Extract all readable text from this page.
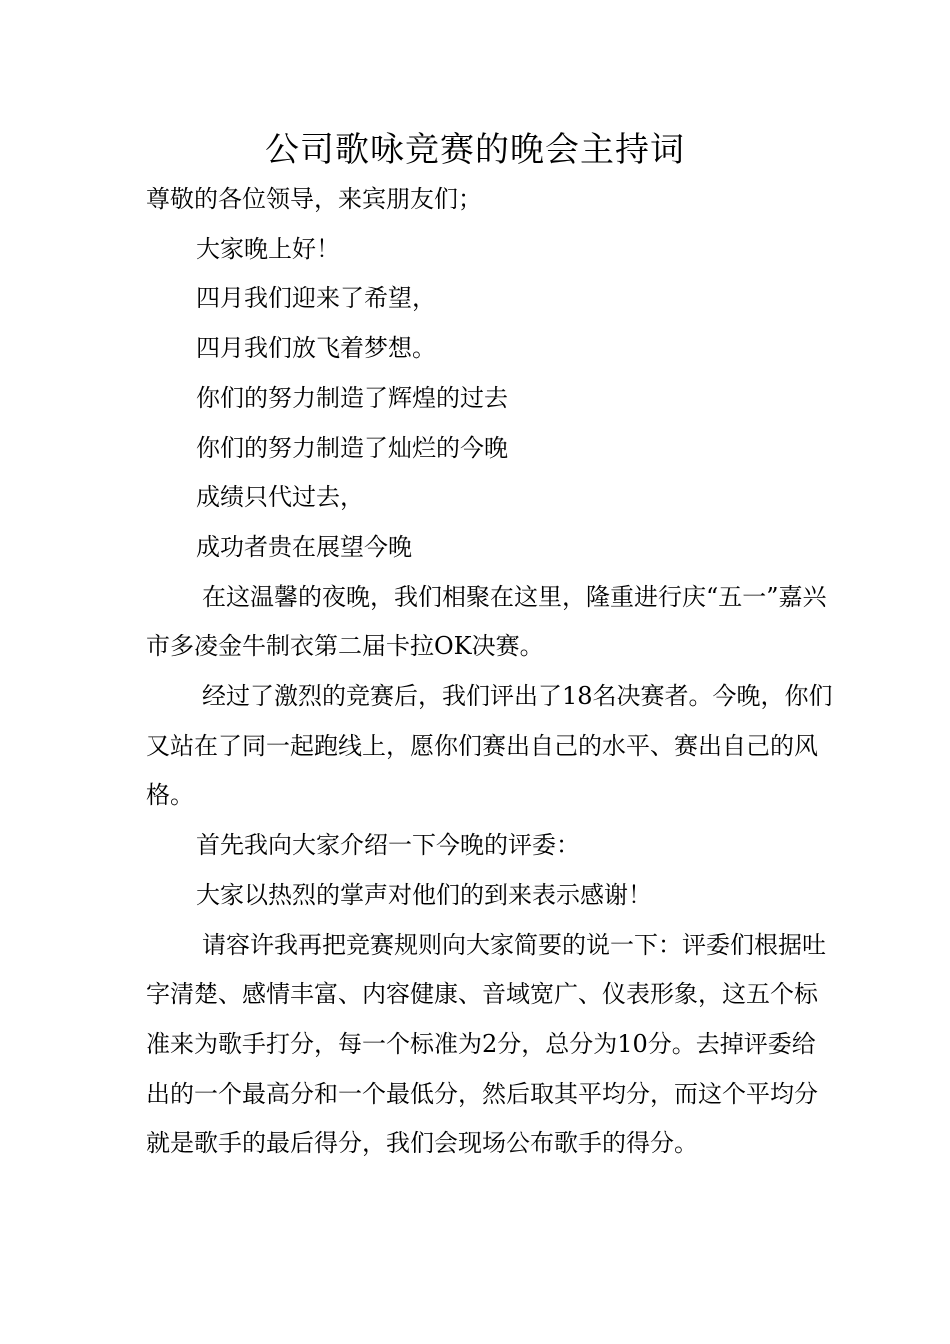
公司歌咏竞赛的晚会主持词

尊敬的各位领导，来宾朋友们；

大家晚上好！

四月我们迎来了希望，

四月我们放飞着梦想。

你们的努力制造了辉煌的过去

你们的努力制造了灿烂的今晚

成绩只代过去，

成功者贵在展望今晚

在这温馨的夜晚，我们相聚在这里，隆重进行庆“五一”嘉兴市多凌金牛制衣第二届卡拉OK决赛。

经过了激烈的竞赛后，我们评出了18名决赛者。今晚，你们又站在了同一起跑线上，愿你们赛出自己的水平、赛出自己的风格。

首先我向大家介绍一下今晚的评委：

大家以热烈的掌声对他们的到来表示感谢！

请容许我再把竞赛规则向大家简要的说一下：评委们根据吐字清楚、感情丰富、内容健康、音域宽广、仪表形象，这五个标准来为歌手打分，每一个标准为2分，总分为10分。去掉评委给出的一个最高分和一个最低分，然后取其平均分，而这个平均分就是歌手的最后得分，我们会现场公布歌手的得分。
